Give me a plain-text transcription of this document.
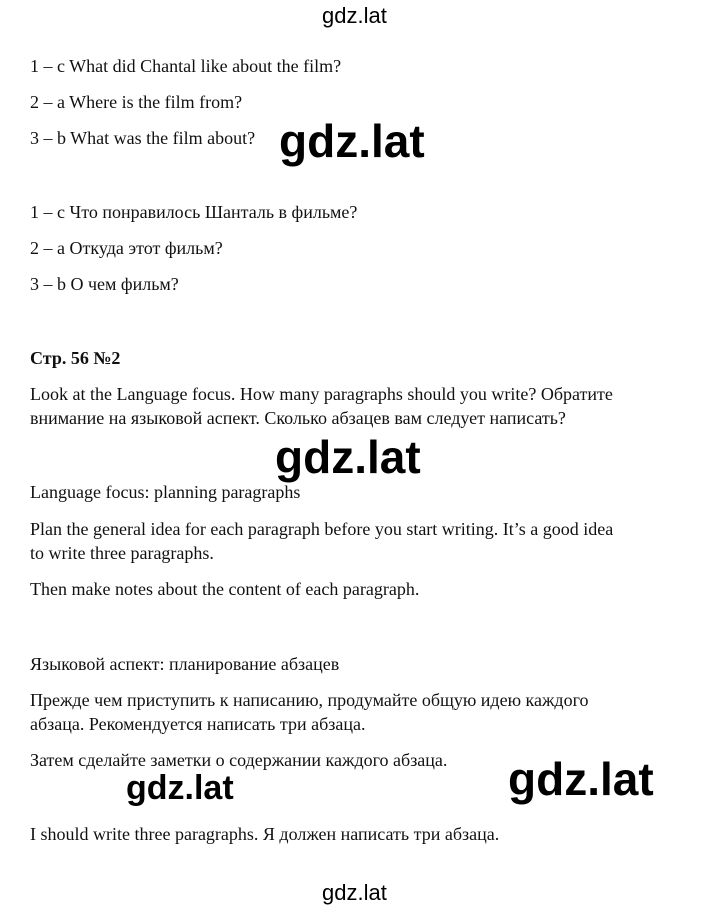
gdz.lat
1 – c What did Chantal like about the film?
2 – a Where is the film from?
3 – b What was the film about?
1 – c Что понравилось Шанталь в фильме?
2 – a Откуда этот фильм?
3 – b О чем фильм?
Стр. 56 №2
Look at the Language focus. How many paragraphs should you write? Обратите
внимание на языковой аспект. Сколько абзацев вам следует написать?
Language focus: planning paragraphs
Plan the general idea for each paragraph before you start writing. It’s a good idea
to write three paragraphs.
Then make notes about the content of each paragraph.
Языковой аспект: планирование абзацев
Прежде чем приступить к написанию, продумайте общую идею каждого
абзаца. Рекомендуется написать три абзаца.
Затем сделайте заметки о содержании каждого абзаца.
I should write three paragraphs. Я должен написать три абзаца.
gdz.lat
gdz.lat
gdz.lat	gdz.lat
gdz.lat
